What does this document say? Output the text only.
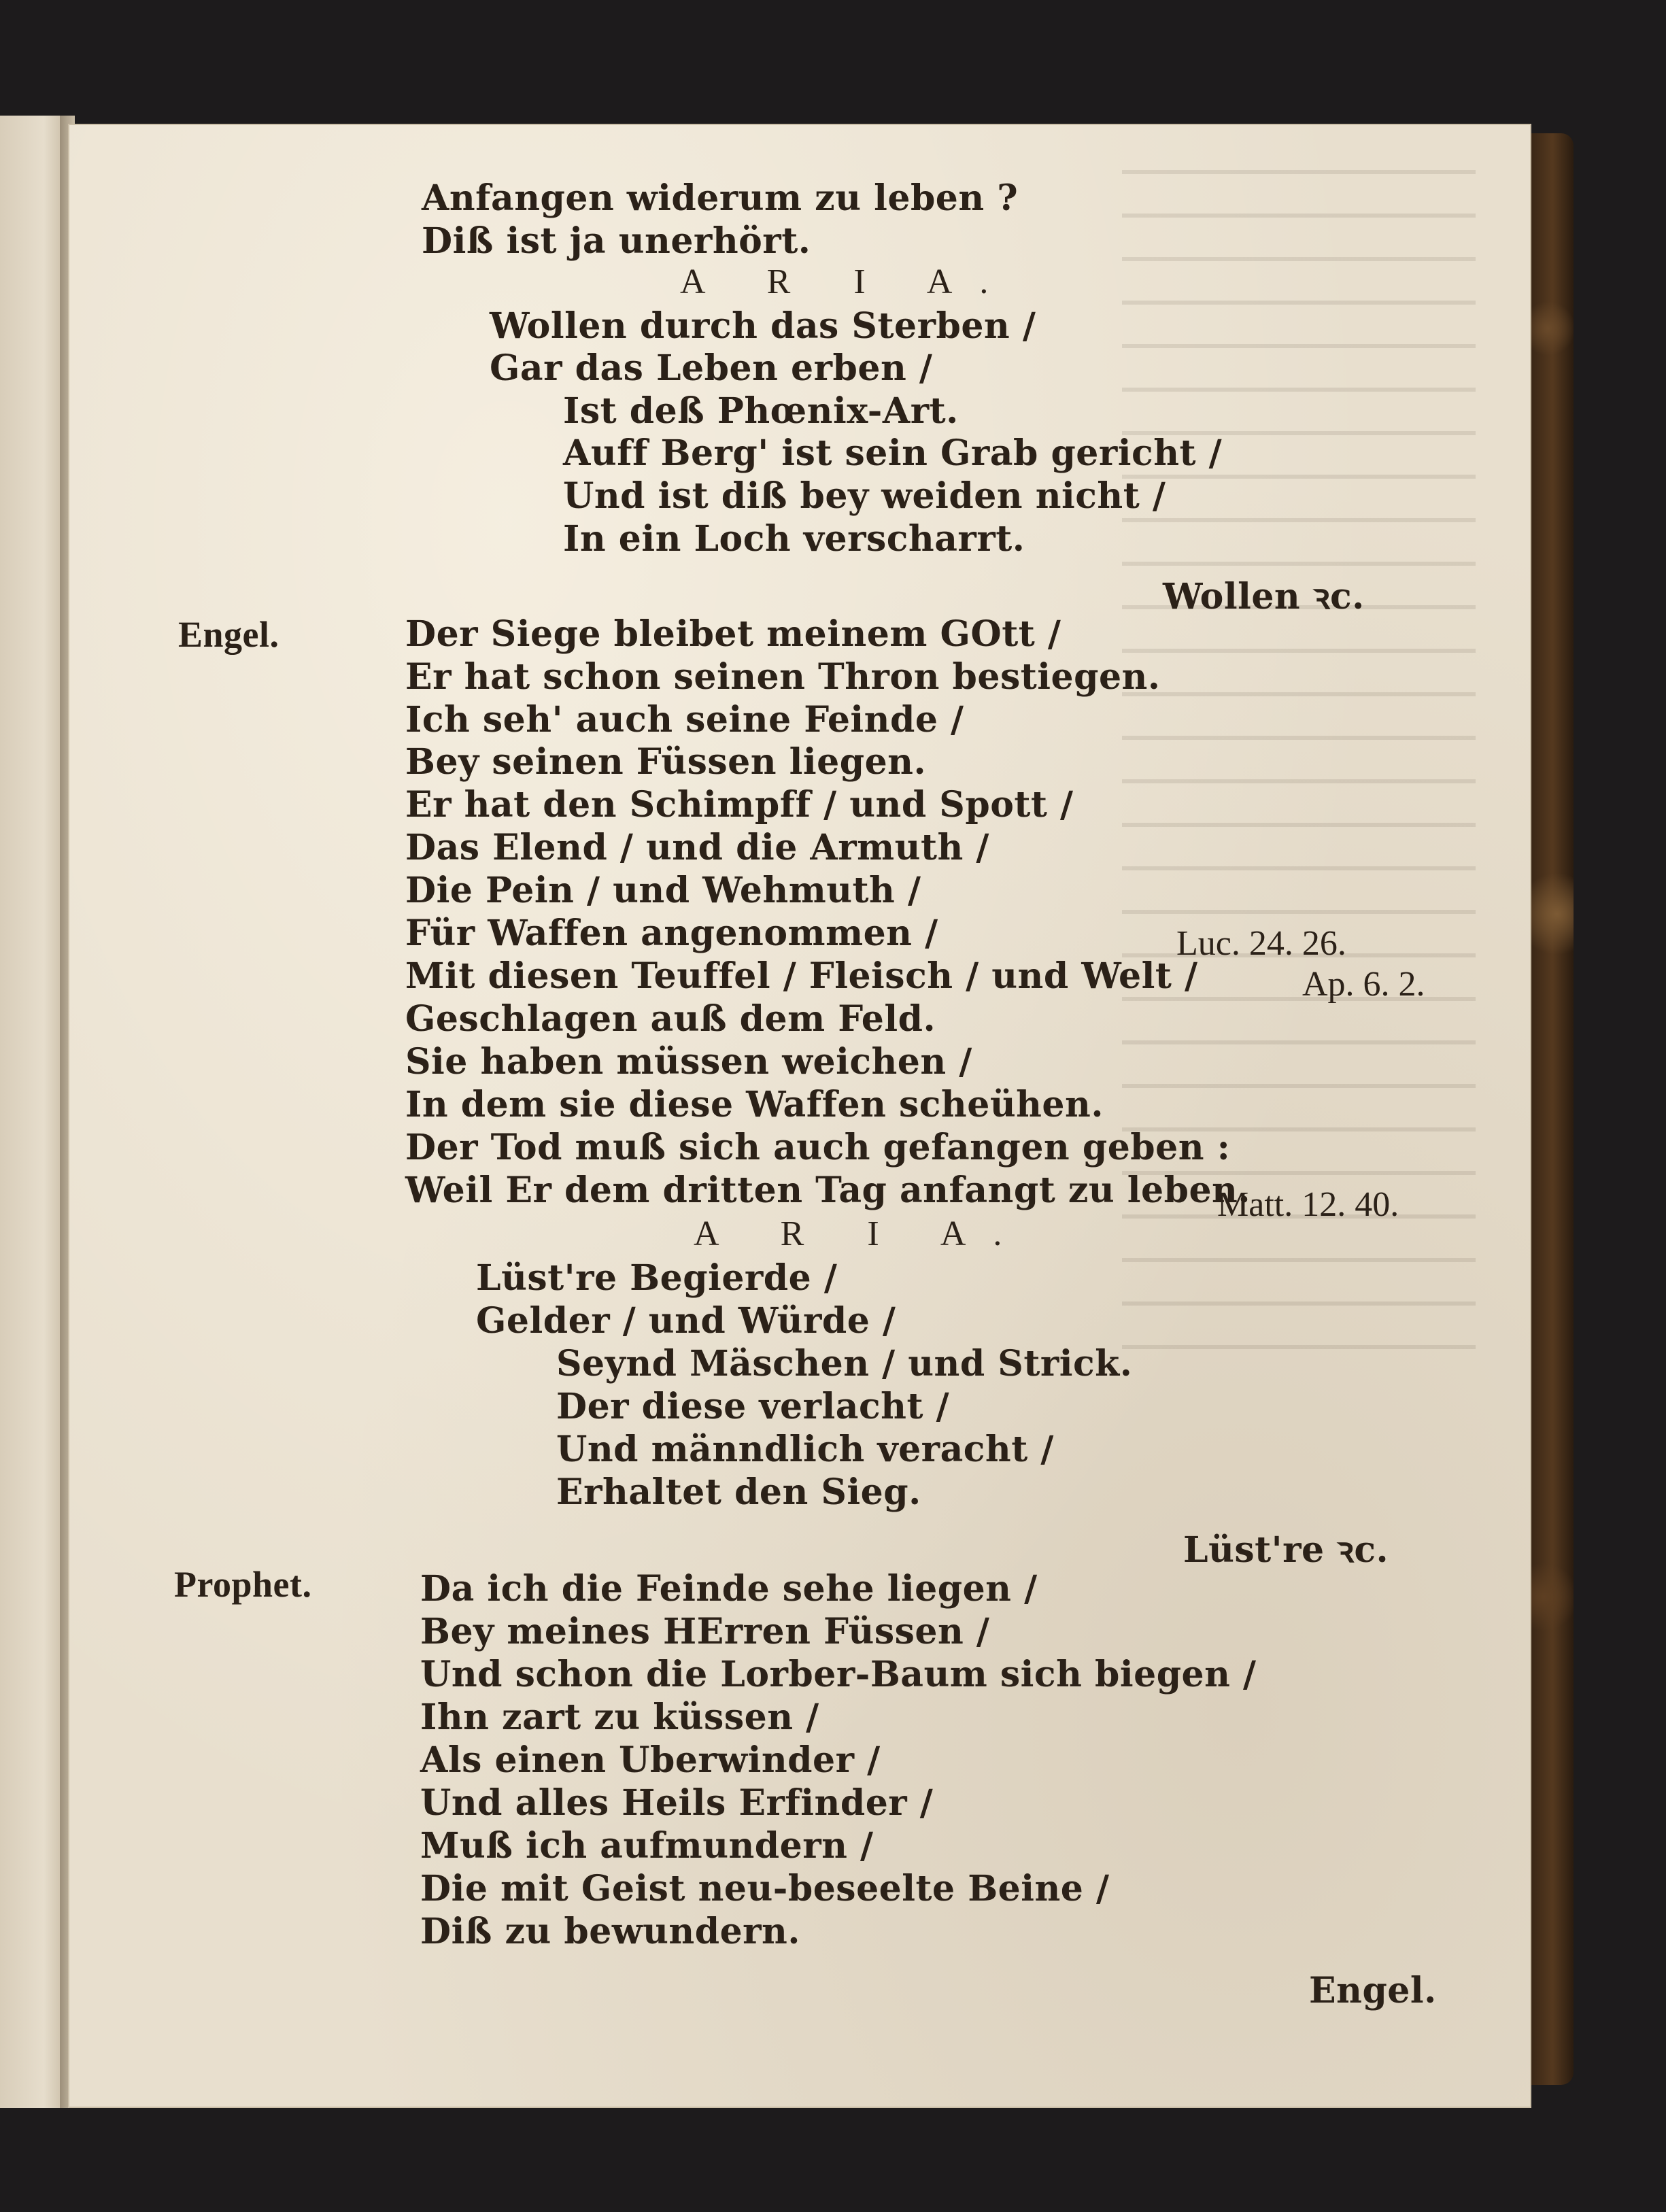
Anfangen widerum zu leben ?
Diß ist ja unerhört.
A R I A.
Wollen durch das Sterben /
Gar das Leben erben /
Ist deß Phœnix-Art.
Auff Berg' ist sein Grab gericht /
Und ist diß bey weiden nicht /
In ein Loch verscharrt.
Wollen ꝛc.
Engel.	Der Siege bleibet meinem GOtt /
Er hat schon seinen Thron bestiegen.
Ich seh' auch seine Feinde /
Bey seinen Füssen liegen.
Er hat den Schimpff / und Spott /
Das Elend / und die Armuth /
Die Pein / und Wehmuth /
Für Waffen angenommen /
Mit diesen Teuffel / Fleisch / und Welt /
Geschlagen auß dem Feld.
Sie haben müssen weichen /
In dem sie diese Waffen scheühen.
Der Tod muß sich auch gefangen geben :
Weil Er dem dritten Tag anfangt zu leben.
Luc. 24. 26.
Ap. 6. 2.
Matt. 12. 40.
A R I A.
Lüst're Begierde /
Gelder / und Würde /
Seynd Mäschen / und Strick.
Der diese verlacht /
Und männdlich veracht /
Erhaltet den Sieg.
Lüst're ꝛc.
Prophet.	Da ich die Feinde sehe liegen /
Bey meines HErren Füssen /
Und schon die Lorber-Baum sich biegen /
Ihn zart zu küssen /
Als einen Uberwinder /
Und alles Heils Erfinder /
Muß ich aufmundern /
Die mit Geist neu-beseelte Beine /
Diß zu bewundern.
Engel.
